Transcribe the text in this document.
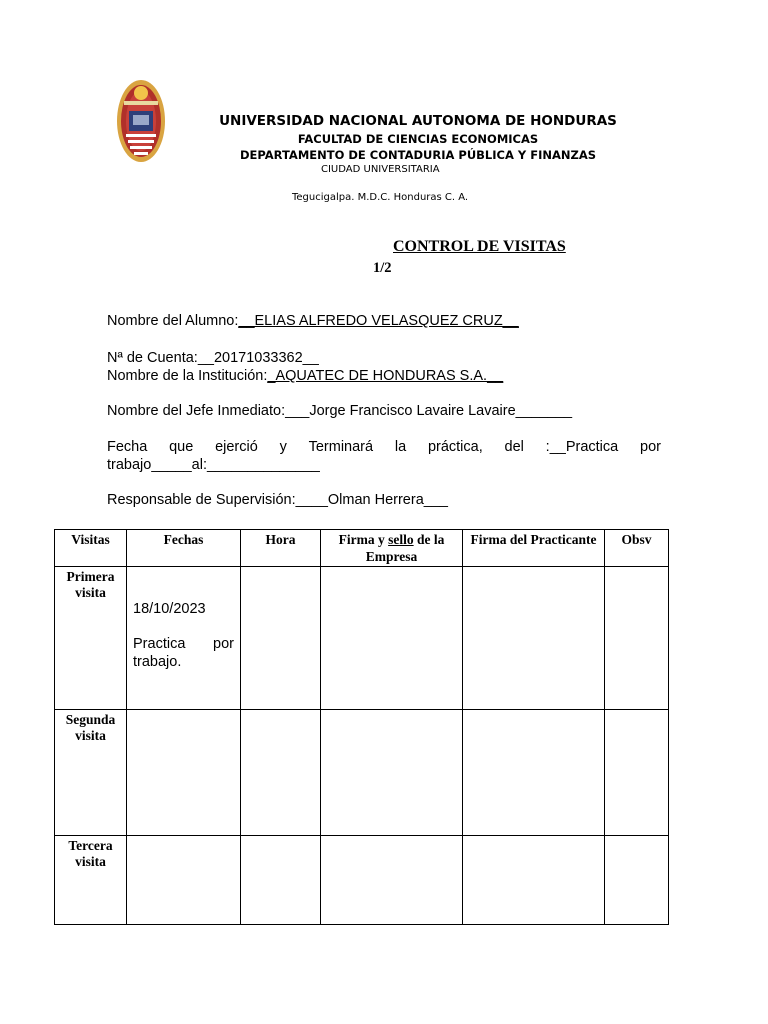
UNIVERSIDAD NACIONAL AUTONOMA DE HONDURAS
FACULTAD DE CIENCIAS ECONOMICAS
DEPARTAMENTO DE CONTADURIA PÚBLICA Y FINANZAS
CIUDAD UNIVERSITARIA
Tegucigalpa. M.D.C. Honduras C. A.
CONTROL DE VISITAS
1/2
Nombre del Alumno:__ELIAS ALFREDO VELASQUEZ CRUZ__
Nª de Cuenta:__20171033362__
Nombre de la Institución:_AQUATEC DE HONDURAS S.A.__
Nombre del Jefe Inmediato:___Jorge Francisco Lavaire Lavaire_______
Fecha que ejerció y Terminará la práctica, del :__Practica por
trabajo_____al:______________
Responsable de Supervisión:____Olman Herrera___
Visitas	Fechas	Hora	Firma y sello de la Empresa	Firma del Practicante	Obsv
Primera visita	18/10/2023
Practica por
trabajo.				

Segunda visita					
Tercera visita					
